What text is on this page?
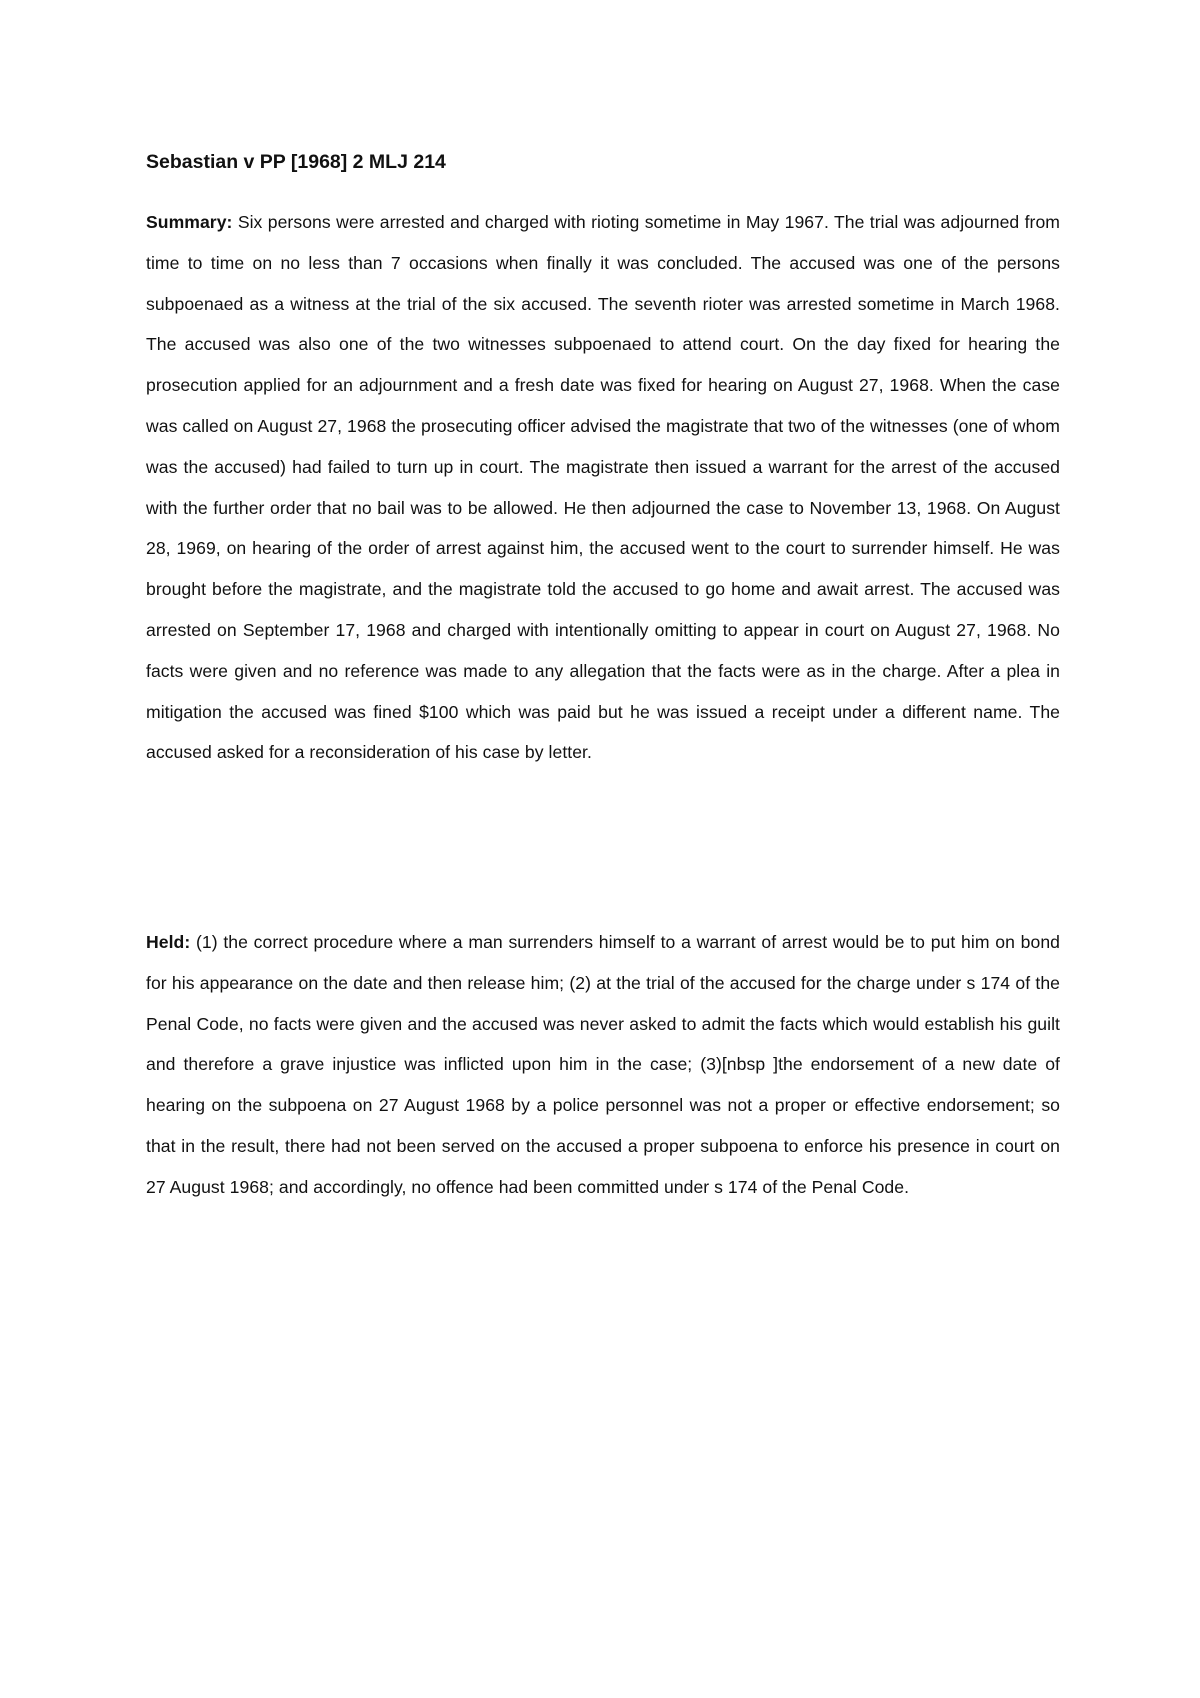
Sebastian v PP [1968] 2 MLJ 214

Summary: Six persons were arrested and charged with rioting sometime in May 1967. The trial was adjourned from time to time on no less than 7 occasions when finally it was concluded. The accused was one of the persons subpoenaed as a witness at the trial of the six accused. The seventh rioter was arrested sometime in March 1968. The accused was also one of the two witnesses subpoenaed to attend court. On the day fixed for hearing the prosecution applied for an adjournment and a fresh date was fixed for hearing on August 27, 1968. When the case was called on August 27, 1968 the prosecuting officer advised the magistrate that two of the witnesses (one of whom was the accused) had failed to turn up in court. The magistrate then issued a warrant for the arrest of the accused with the further order that no bail was to be allowed. He then adjourned the case to November 13, 1968. On August 28, 1969, on hearing of the order of arrest against him, the accused went to the court to surrender himself. He was brought before the magistrate, and the magistrate told the accused to go home and await arrest. The accused was arrested on September 17, 1968 and charged with intentionally omitting to appear in court on August 27, 1968. No facts were given and no reference was made to any allegation that the facts were as in the charge. After a plea in mitigation the accused was fined $100 which was paid but he was issued a receipt under a different name. The accused asked for a reconsideration of his case by letter.

Held: (1) the correct procedure where a man surrenders himself to a warrant of arrest would be to put him on bond for his appearance on the date and then release him; (2) at the trial of the accused for the charge under s 174 of the Penal Code, no facts were given and the accused was never asked to admit the facts which would establish his guilt and therefore a grave injustice was inflicted upon him in the case; (3)[nbsp ]the endorsement of a new date of hearing on the subpoena on 27 August 1968 by a police personnel was not a proper or effective endorsement; so that in the result, there had not been served on the accused a proper subpoena to enforce his presence in court on 27 August 1968; and accordingly, no offence had been committed under s 174 of the Penal Code.
